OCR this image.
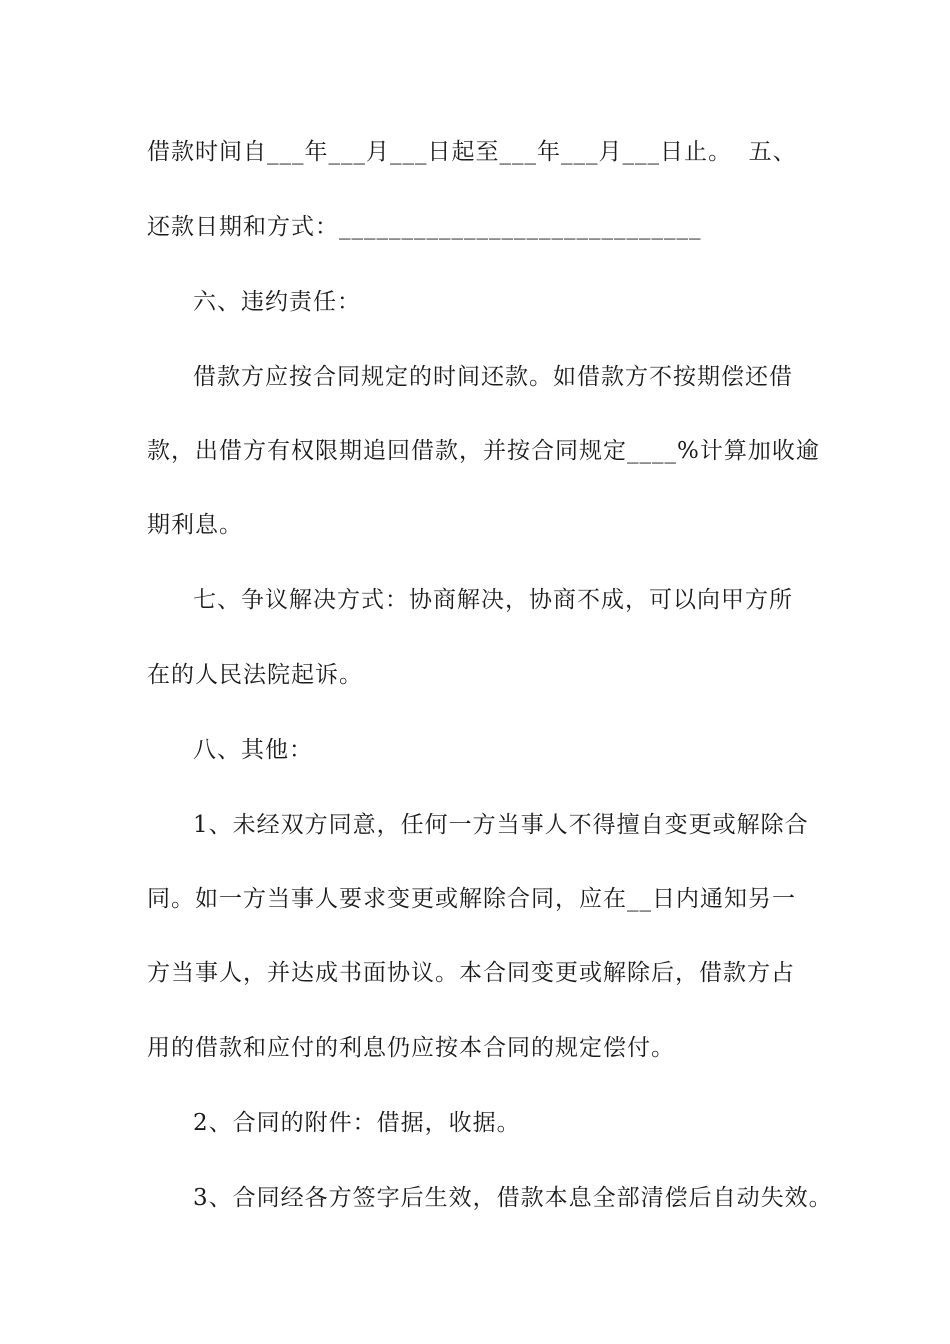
借款时间自___年___月___日起至___年___月___日止。  五、
还款日期和方式：_____________________________
六、违约责任：
借款方应按合同规定的时间还款。如借款方不按期偿还借
款，出借方有权限期追回借款，并按合同规定____%计算加收逾
期利息。
七、争议解决方式：协商解决，协商不成，可以向甲方所
在的人民法院起诉。
八、其他：
1、未经双方同意，任何一方当事人不得擅自变更或解除合
同。如一方当事人要求变更或解除合同，应在__日内通知另一
方当事人，并达成书面协议。本合同变更或解除后，借款方占
用的借款和应付的利息仍应按本合同的规定偿付。
2、合同的附件：借据，收据。
3、合同经各方签字后生效，借款本息全部清偿后自动失效。
